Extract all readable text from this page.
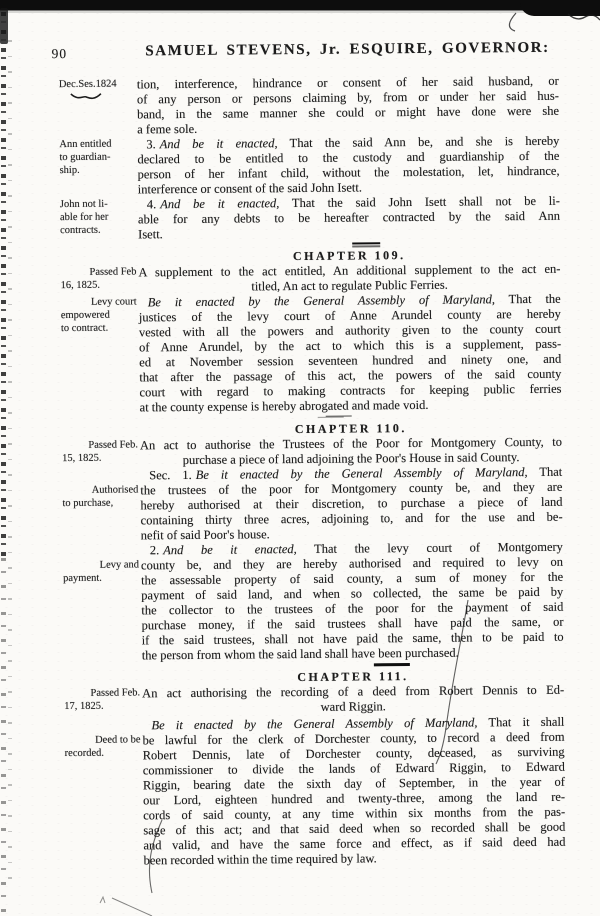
90	SAMUEL STEVENS, Jr. ESQUIRE, GOVERNOR:
Dec.Ses.1824	tion, interference, hindrance or consent of her said husband, or
of any person or persons claiming by, from or under her said hus-
band, in the same manner she could or might have done were she
a feme sole.
Ann entitled
to guardian-
ship.
3. And be it enacted, That the said Ann be, and she is hereby
declared to be entitled to the custody and guardianship of the
person of her infant child, without the molestation, let, hindrance,
interference or consent of the said John Isett.
John not li-
able for her
contracts.
4. And be it enacted, That the said John Isett shall not be li-
able for any debts to be hereafter contracted by the said Ann
Isett.
CHAPTER 109.
Passed Feb
16, 1825.
A supplement to the act entitled, An additional supplement to the act en-
titled, An act to regulate Public Ferries.
Levy court
empowered
to contract.
Be it enacted by the General Assembly of Maryland, That the
justices of the levy court of Anne Arundel county are hereby
vested with all the powers and authority given to the county court
of Anne Arundel, by the act to which this is a supplement, pass-
ed at November session seventeen hundred and ninety one, and
that after the passage of this act, the powers of the said county
court with regard to making contracts for keeping public ferries
at the county expense is hereby abrogated and made void.
CHAPTER 110.
Passed Feb.
15, 1825.
An act to authorise the Trustees of the Poor for Montgomery County, to
purchase a piece of land adjoining the Poor's House in said County.
Authorised
to purchase,
Sec. 1. Be it enacted by the General Assembly of Maryland, That
the trustees of the poor for Montgomery county be, and they are
hereby authorised at their discretion, to purchase a piece of land
containing thirty three acres, adjoining to, and for the use and be-
nefit of said Poor's house.
Levy and
payment.
2. And be it enacted, That the levy court of Montgomery
county be, and they are hereby authorised and required to levy on
the assessable property of said county, a sum of money for the
payment of said land, and when so collected, the same be paid by
the collector to the trustees of the poor for the payment of said
purchase money, if the said trustees shall have paid the same, or
if the said trustees, shall not have paid the same, then to be paid to
the person from whom the said land shall have been purchased.
CHAPTER 111.
Passed Feb.
17, 1825.
An act authorising the recording of a deed from Robert Dennis to Ed-
ward Riggin.
Deed to be
recorded.
Be it enacted by the General Assembly of Maryland, That it shall
be lawful for the clerk of Dorchester county, to record a deed from
Robert Dennis, late of Dorchester county, deceased, as surviving
commissioner to divide the lands of Edward Riggin, to Edward
Riggin, bearing date the sixth day of September, in the year of
our Lord, eighteen hundred and twenty-three, among the land re-
cords of said county, at any time within six months from the pas-
sage of this act; and that said deed when so recorded shall be good
and valid, and have the same force and effect, as if said deed had
been recorded within the time required by law.
